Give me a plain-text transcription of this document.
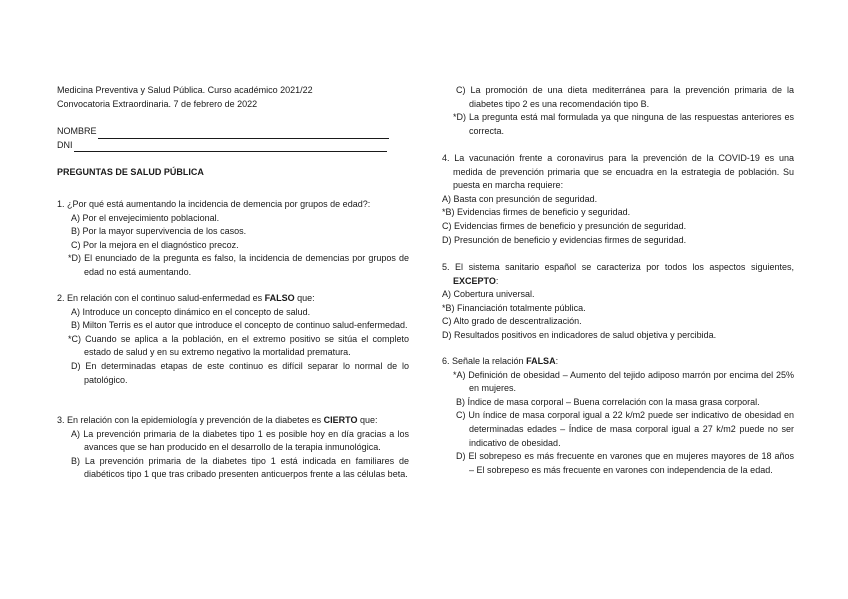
Medicina Preventiva y Salud Pública. Curso académico 2021/22

Convocatoria Extraordinaria. 7 de febrero de 2022

NOMBRE
DNI

PREGUNTAS DE SALUD PÚBLICA

1. ¿Por qué está aumentando la incidencia de demencia por grupos de edad?:

A) Por el envejecimiento poblacional.

B) Por la mayor supervivencia de los casos.

C) Por la mejora en el diagnóstico precoz.

*D) El enunciado de la pregunta es falso, la incidencia de demencias por grupos de edad no está aumentando.

2. En relación con el continuo salud-enfermedad es FALSO que:

A) Introduce un concepto dinámico en el concepto de salud.

B) Milton Terris es el autor que introduce el concepto de continuo salud-enfermedad.

*C) Cuando se aplica a la población, en el extremo positivo se sitúa el completo estado de salud y en su extremo negativo la mortalidad prematura.

D) En determinadas etapas de este continuo es difícil separar lo normal de lo patológico.

3. En relación con la epidemiología y prevención de la diabetes es CIERTO que:

A) La prevención primaria de la diabetes tipo 1 es posible hoy en día gracias a los avances que se han producido en el desarrollo de la terapia inmunológica.

B) La prevención primaria de la diabetes tipo 1 está indicada en familiares de diabéticos tipo 1 que tras cribado presenten anticuerpos frente a las células beta.

C) La promoción de una dieta mediterránea para la prevención primaria de la diabetes tipo 2 es una recomendación tipo B.

*D) La pregunta está mal formulada ya que ninguna de las respuestas anteriores es correcta.

4. La vacunación frente a coronavirus para la prevención de la COVID-19 es una medida de prevención primaria que se encuadra en la estrategia de población. Su puesta en marcha requiere:

A) Basta con presunción de seguridad.

*B) Evidencias firmes de beneficio y seguridad.

C) Evidencias firmes de beneficio y presunción de seguridad.

D) Presunción de beneficio y evidencias firmes de seguridad.

5. El sistema sanitario español se caracteriza por todos los aspectos siguientes, EXCEPTO:

A) Cobertura universal.

*B) Financiación totalmente pública.

C) Alto grado de descentralización.

D) Resultados positivos en indicadores de salud objetiva y percibida.

6. Señale la relación FALSA:

*A) Definición de obesidad – Aumento del tejido adiposo marrón por encima del 25% en mujeres.

B) Índice de masa corporal – Buena correlación con la masa grasa corporal.

C) Un índice de masa corporal igual a 22 k/m2 puede ser indicativo de obesidad en determinadas edades – Índice de masa corporal igual a 27 k/m2 puede no ser indicativo de obesidad.

D) El sobrepeso es más frecuente en varones que en mujeres mayores de 18 años – El sobrepeso es más frecuente en varones con independencia de la edad.
